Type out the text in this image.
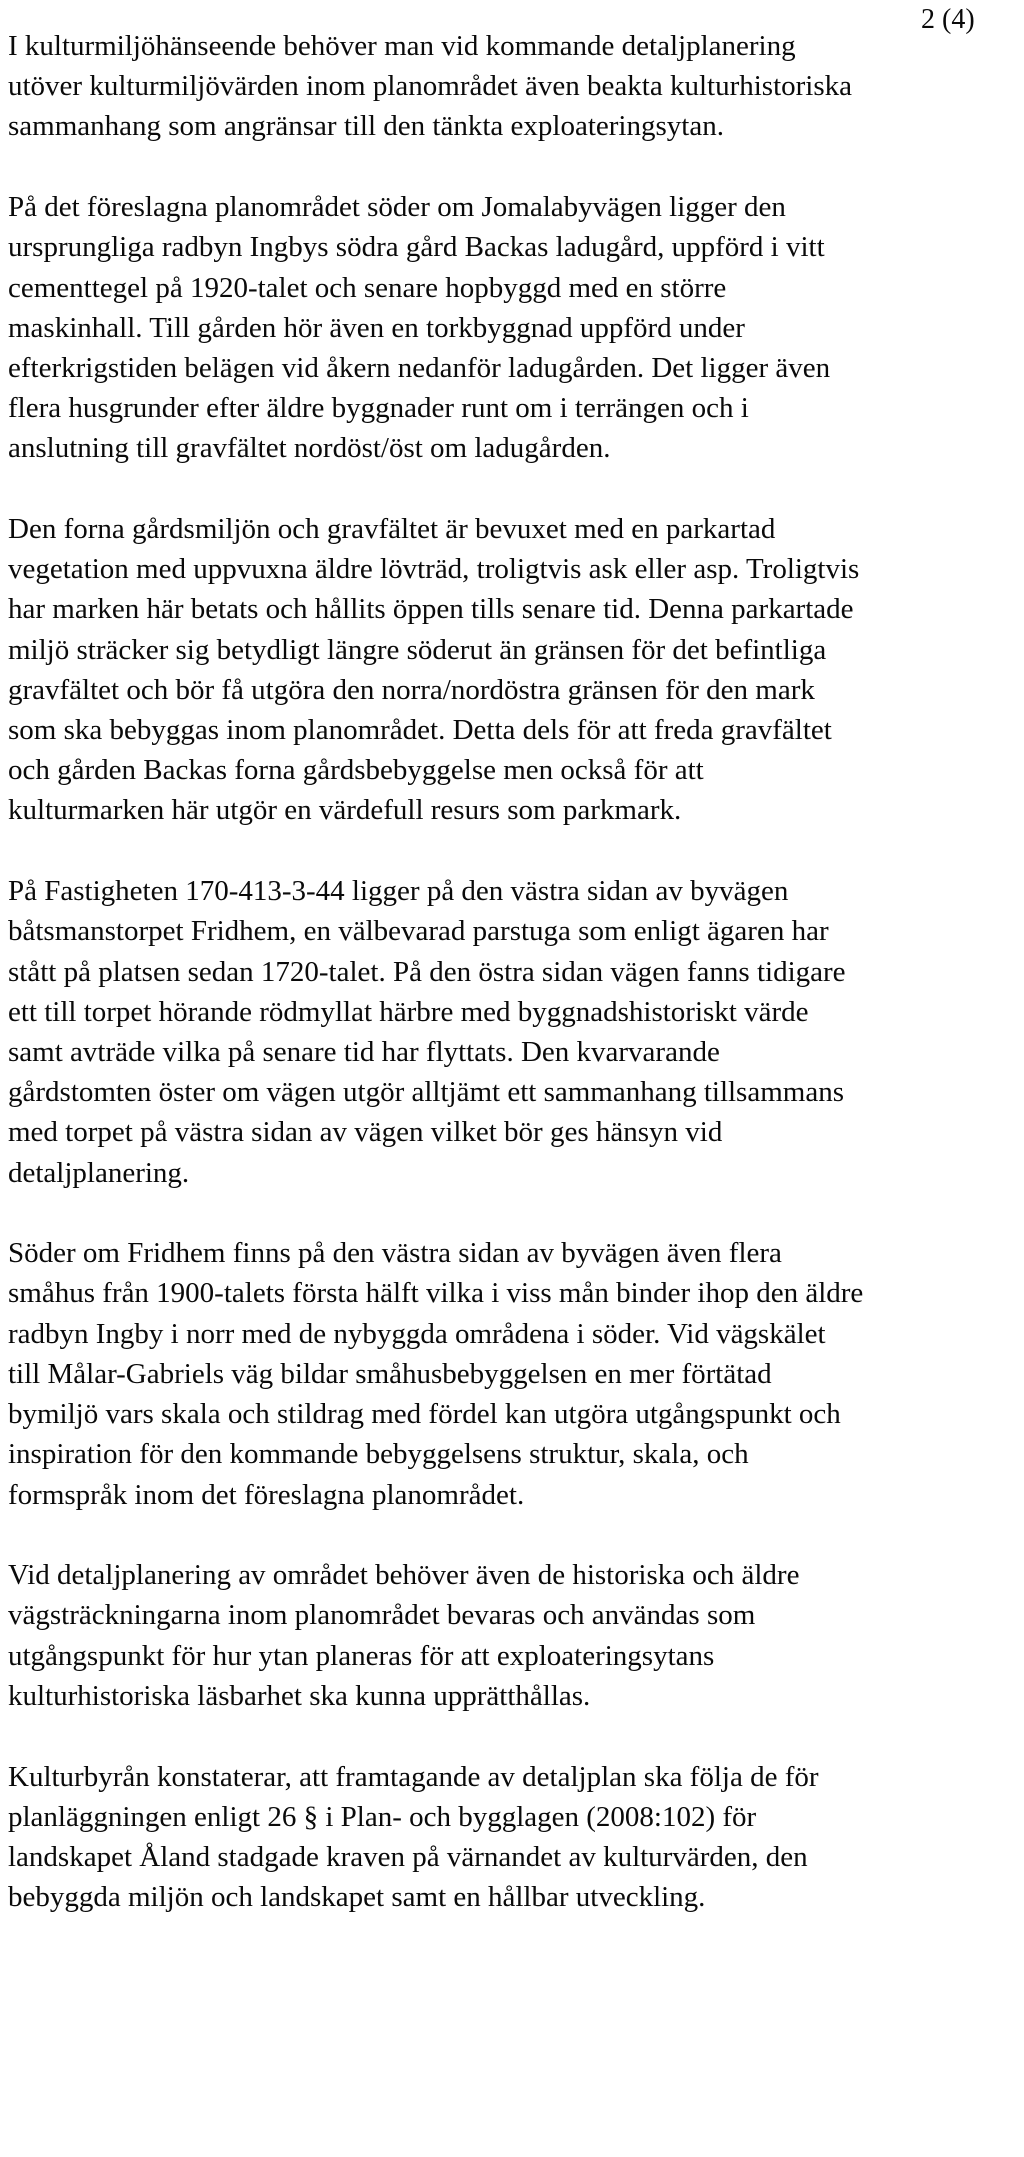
2 (4)

I kulturmiljöhänseende behöver man vid kommande detaljplanering
utöver kulturmiljövärden inom planområdet även beakta kulturhistoriska
sammanhang som angränsar till den tänkta exploateringsytan.

På det föreslagna planområdet söder om Jomalabyvägen ligger den
ursprungliga radbyn Ingbys södra gård Backas ladugård, uppförd i vitt
cementtegel på 1920-talet och senare hopbyggd med en större
maskinhall. Till gården hör även en torkbyggnad uppförd under
efterkrigstiden belägen vid åkern nedanför ladugården. Det ligger även
flera husgrunder efter äldre byggnader runt om i terrängen och i
anslutning till gravfältet nordöst/öst om ladugården.

Den forna gårdsmiljön och gravfältet är bevuxet med en parkartad
vegetation med uppvuxna äldre lövträd, troligtvis ask eller asp. Troligtvis
har marken här betats och hållits öppen tills senare tid. Denna parkartade
miljö sträcker sig betydligt längre söderut än gränsen för det befintliga
gravfältet och bör få utgöra den norra/nordöstra gränsen för den mark
som ska bebyggas inom planområdet. Detta dels för att freda gravfältet
och gården Backas forna gårdsbebyggelse men också för att
kulturmarken här utgör en värdefull resurs som parkmark.

På Fastigheten 170-413-3-44 ligger på den västra sidan av byvägen
båtsmanstorpet Fridhem, en välbevarad parstuga som enligt ägaren har
stått på platsen sedan 1720-talet. På den östra sidan vägen fanns tidigare
ett till torpet hörande rödmyllat härbre med byggnadshistoriskt värde
samt avträde vilka på senare tid har flyttats. Den kvarvarande
gårdstomten öster om vägen utgör alltjämt ett sammanhang tillsammans
med torpet på västra sidan av vägen vilket bör ges hänsyn vid
detaljplanering.

Söder om Fridhem finns på den västra sidan av byvägen även flera
småhus från 1900-talets första hälft vilka i viss mån binder ihop den äldre
radbyn Ingby i norr med de nybyggda områdena i söder. Vid vägskälet
till Målar-Gabriels väg bildar småhusbebyggelsen en mer förtätad
bymiljö vars skala och stildrag med fördel kan utgöra utgångspunkt och
inspiration för den kommande bebyggelsens struktur, skala, och
formspråk inom det föreslagna planområdet.

Vid detaljplanering av området behöver även de historiska och äldre
vägsträckningarna inom planområdet bevaras och användas som
utgångspunkt för hur ytan planeras för att exploateringsytans
kulturhistoriska läsbarhet ska kunna upprätthållas.

Kulturbyrån konstaterar, att framtagande av detaljplan ska följa de för
planläggningen enligt 26 § i Plan- och bygglagen (2008:102) för
landskapet Åland stadgade kraven på värnandet av kulturvärden, den
bebyggda miljön och landskapet samt en hållbar utveckling.
